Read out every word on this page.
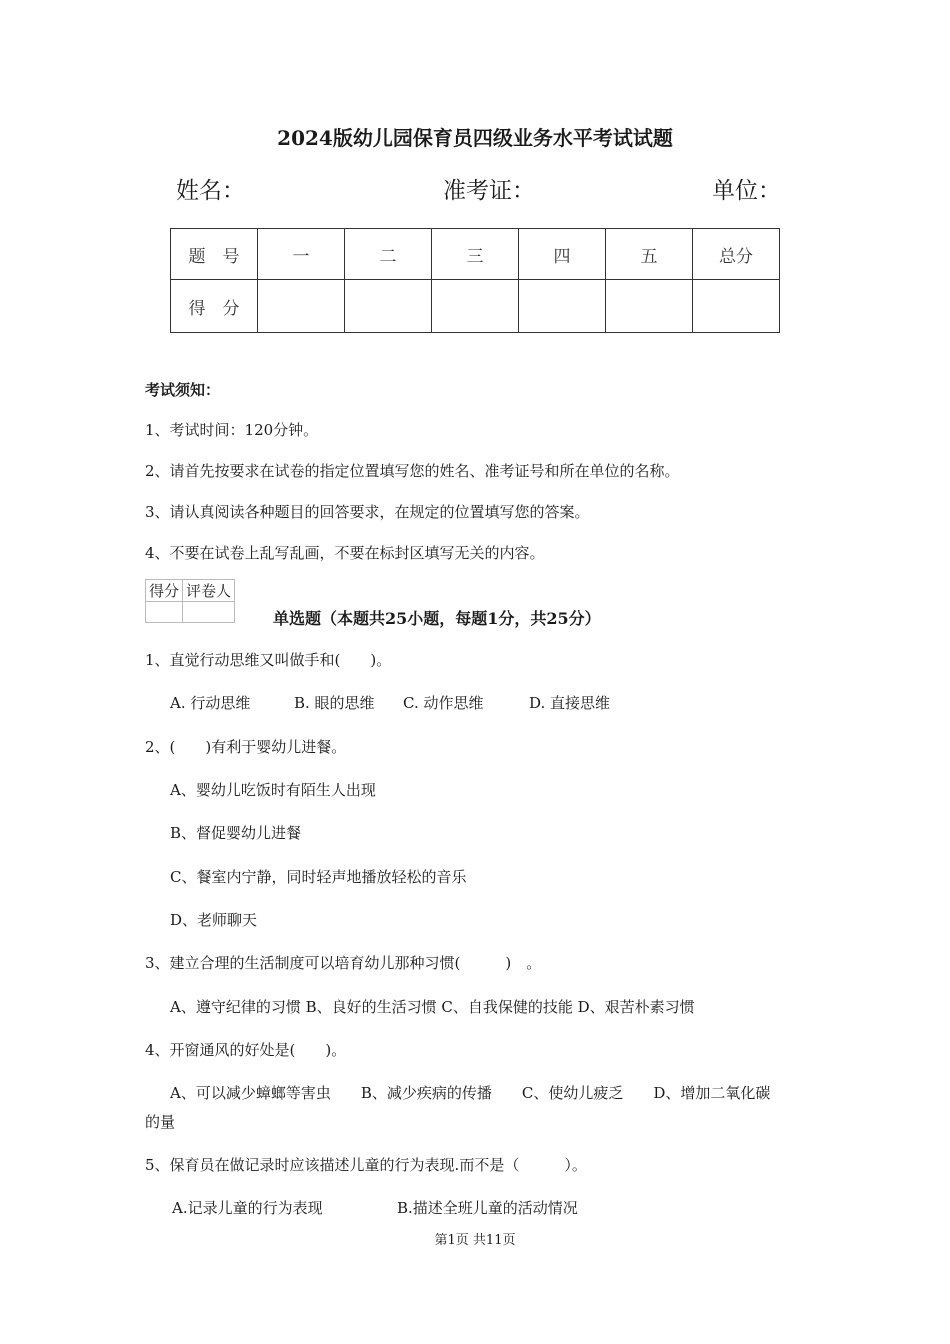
2024版幼儿园保育员四级业务水平考试试题
姓名：	准考证：	单位：
题　号	一	二	三	四	五	总分
得　分						
考试须知：
1、考试时间：120分钟。
2、请首先按要求在试卷的指定位置填写您的姓名、准考证号和所在单位的名称。
3、请认真阅读各种题目的回答要求，在规定的位置填写您的答案。
4、不要在试卷上乱写乱画，不要在标封区填写无关的内容。
得分	评卷人

单选题（本题共25小题，每题1分，共25分）
1、直觉行动思维又叫做手和(　　)。
A. 行动思维	B. 眼的思维 C. 动作思维	D. 直接思维
2、(　　)有利于婴幼儿进餐。
A、婴幼儿吃饭时有陌生人出现
B、督促婴幼儿进餐
C、餐室内宁静，同时轻声地播放轻松的音乐
D、老师聊天
3、建立合理的生活制度可以培育幼儿那种习惯(　　　)　。
A、遵守纪律的习惯 B、良好的生活习惯 C、自我保健的技能 D、艰苦朴素习惯
4、开窗通风的好处是(　　)。
A、可以减少蟑螂等害虫　　B、减少疾病的传播　　C、使幼儿疲乏　　D、增加二氧化碳
的量
5、保育员在做记录时应该描述儿童的行为表现.而不是（　　　）。
A.记录儿童的行为表现	B.描述全班儿童的活动情况
第1页 共11页
